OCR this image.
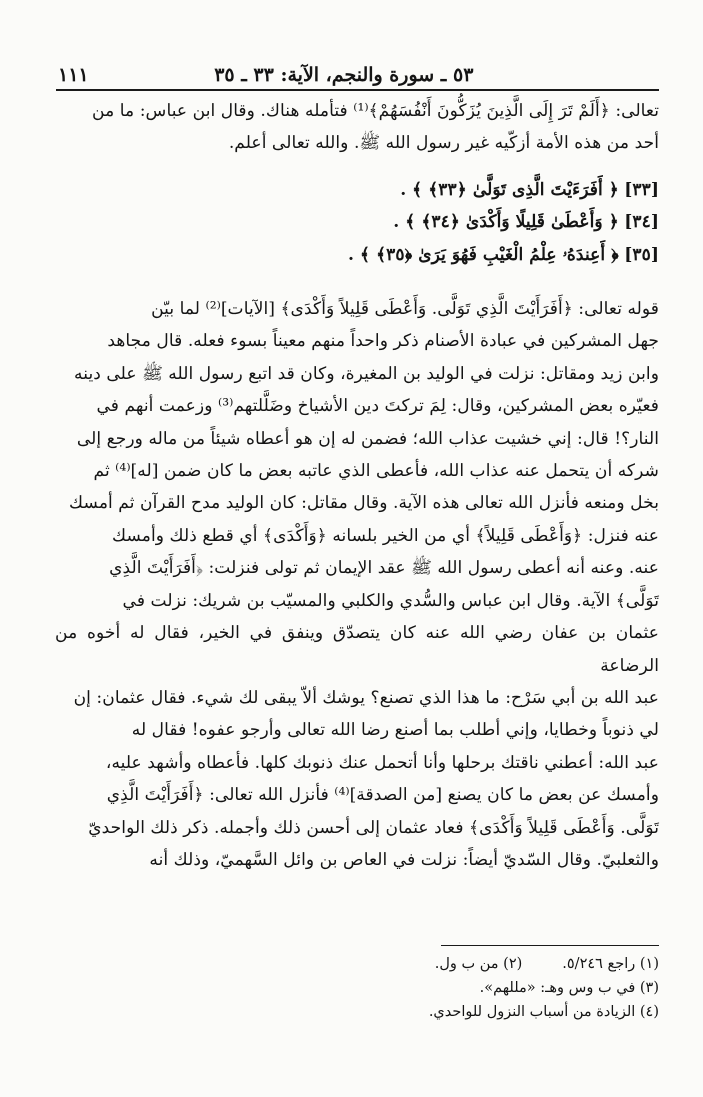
٥٣ ـ سورة والنجم، الآية: ٣٣ ـ ٣٥
١١١

تعالى: ﴿أَلَمْ تَرَ إِلَى الَّذِينَ يُزَكُّونَ أَنْفُسَهُمْ﴾⁽¹⁾ فتأمله هناك. وقال ابن عباس: ما من

أحد من هذه الأمة أزكّيه غير رسول الله ﷺ. والله تعالى أعلم.

[٣٣] ﴿ أَفَرَءَيْتَ الَّذِى تَوَلَّىٰ ﴿٣٣﴾ ﴾ .
[٣٤] ﴿ وَأَعْطَىٰ قَلِيلًا وَأَكْدَىٰ ﴿٣٤﴾ ﴾ .
[٣٥] ﴿ أَعِندَهُۥ عِلْمُ الْغَيْبِ فَهُوَ يَرَىٰ ﴿٣٥﴾ ﴾ .

قوله تعالى: ﴿أَفَرَأَيْتَ الَّذِي تَوَلَّى. وَأَعْطَى قَلِيلاً وَأَكْدَى﴾ [الآيات]⁽²⁾ لما بيّن

جهل المشركين في عبادة الأصنام ذكر واحداً منهم معيناً بسوء فعله. قال مجاهد

وابن زيد ومقاتل: نزلت في الوليد بن المغيرة، وكان قد اتبع رسول الله ﷺ على دينه

فعيّره بعض المشركين، وقال: لِمَ تركتَ دين الأشياخ وضَلَّلتهم⁽³⁾ وزعمت أنهم في

النار؟! قال: إني خشيت عذاب الله؛ فضمن له إن هو أعطاه شيئاً من ماله ورجع إلى

شركه أن يتحمل عنه عذاب الله، فأعطى الذي عاتبه بعض ما كان ضمن [له]⁽⁴⁾ ثم

بخل ومنعه فأنزل الله تعالى هذه الآية. وقال مقاتل: كان الوليد مدح القرآن ثم أمسك

عنه فنزل: ﴿وَأَعْطَى قَلِيلاً﴾ أي من الخير بلسانه ﴿وَأَكْدَى﴾ أي قطع ذلك وأمسك

عنه. وعنه أنه أعطى رسول الله ﷺ عقد الإيمان ثم تولى فنزلت: ﴿أَفَرَأَيْتَ الَّذِي

تَوَلَّى﴾ الآية. وقال ابن عباس والسُّدي والكلبي والمسيّب بن شريك: نزلت في

عثمان بن عفان رضي الله عنه كان يتصدّق وينفق في الخير، فقال له أخوه من الرضاعة

عبد الله بن أبي سَرْح: ما هذا الذي تصنع؟ يوشك ألاّ يبقى لك شيء. فقال عثمان: إن

لي ذنوباً وخطايا، وإني أطلب بما أصنع رضا الله تعالى وأرجو عفوه! فقال له

عبد الله: أعطني ناقتك برحلها وأنا أتحمل عنك ذنوبك كلها. فأعطاه وأشهد عليه،

وأمسك عن بعض ما كان يصنع [من الصدقة]⁽⁴⁾ فأنزل الله تعالى: ﴿أَفَرَأَيْتَ الَّذِي

تَوَلَّى. وَأَعْطَى قَلِيلاً وَأَكْدَى﴾ فعاد عثمان إلى أحسن ذلك وأجمله. ذكر ذلك الواحديّ

والثعلبيّ. وقال السّديّ أيضاً: نزلت في العاص بن وائل السَّهميّ، وذلك أنه

(١) راجع ٥/٢٤٦.
(٢) من ب ول.
(٣) في ب وس وهـ: «مللهم».
(٤) الزيادة من أسباب النزول للواحدي.
